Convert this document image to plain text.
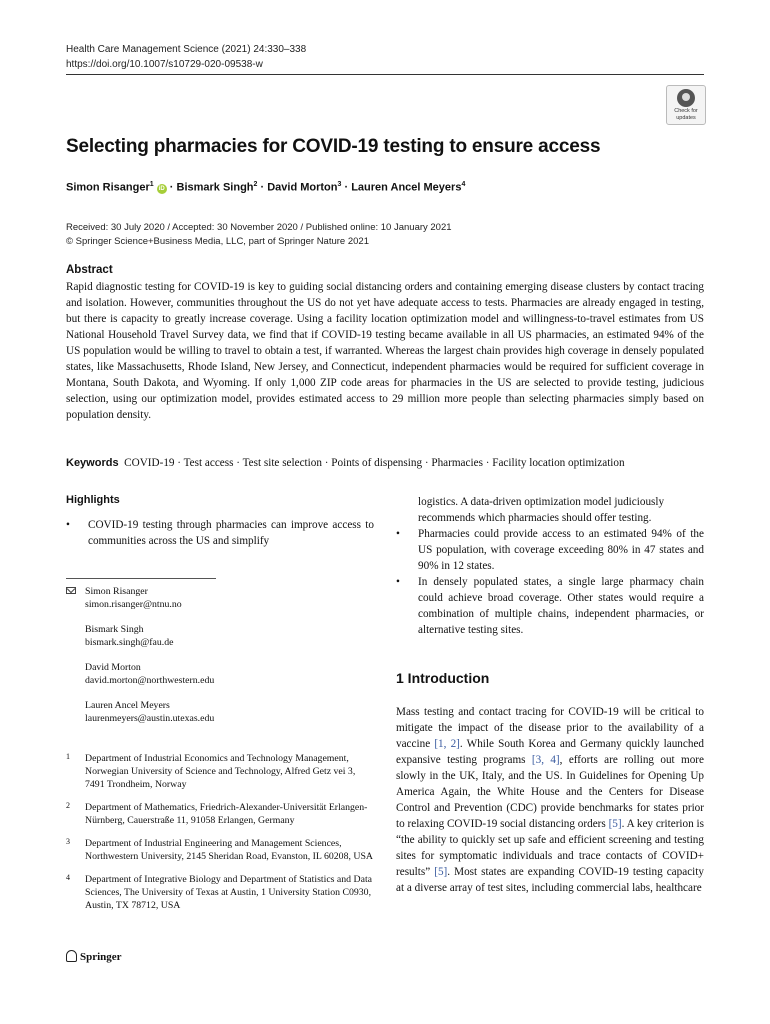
Health Care Management Science (2021) 24:330–338
https://doi.org/10.1007/s10729-020-09538-w
Check for
updates
Selecting pharmacies for COVID-19 testing to ensure access
Simon Risanger$^1$ iD · Bismark Singh$^2$ · David Morton$^3$ · Lauren Ancel Meyers$^4$
Received: 30 July 2020 / Accepted: 30 November 2020 / Published online: 10 January 2021
© Springer Science+Business Media, LLC, part of Springer Nature 2021
Abstract
Rapid diagnostic testing for COVID-19 is key to guiding social distancing orders and containing emerging disease clusters by contact tracing and isolation. However, communities throughout the US do not yet have adequate access to tests. Pharmacies are already engaged in testing, but there is capacity to greatly increase coverage. Using a facility location optimization model and willingness-to-travel estimates from US National Household Travel Survey data, we find that if COVID-19 testing became available in all US pharmacies, an estimated 94% of the US population would be willing to travel to obtain a test, if warranted. Whereas the largest chain provides high coverage in densely populated states, like Massachusetts, Rhode Island, New Jersey, and Connecticut, independent pharmacies would be required for sufficient coverage in Montana, South Dakota, and Wyoming. If only 1,000 ZIP code areas for pharmacies in the US are selected to provide testing, judicious selection, using our optimization model, provides estimated access to 29 million more people than selecting pharmacies simply based on population density.
Keywords COVID-19 · Test access · Test site selection · Points of dispensing · Pharmacies · Facility location optimization
Highlights
• COVID-19 testing through pharmacies can improve access to communities across the US and simplify
logistics. A data-driven optimization model judiciously recommends which pharmacies should offer testing.
• Pharmacies could provide access to an estimated 94% of the US population, with coverage exceeding 80% in 47 states and 90% in 12 states.
• In densely populated states, a single large pharmacy chain could achieve broad coverage. Other states would require a combination of multiple chains, independent pharmacies, or alternative testing sites.
Simon Risanger
simon.risanger@ntnu.no
Bismark Singh
bismark.singh@fau.de
David Morton
david.morton@northwestern.edu
Lauren Ancel Meyers
laurenmeyers@austin.utexas.edu
1 Department of Industrial Economics and Technology Management, Norwegian University of Science and Technology, Alfred Getz vei 3, 7491 Trondheim, Norway
2 Department of Mathematics, Friedrich-Alexander-Universität Erlangen-Nürnberg, Cauerstraße 11, 91058 Erlangen, Germany
3 Department of Industrial Engineering and Management Sciences, Northwestern University, 2145 Sheridan Road, Evanston, IL 60208, USA
4 Department of Integrative Biology and Department of Statistics and Data Sciences, The University of Texas at Austin, 1 University Station C0930, Austin, TX 78712, USA
1 Introduction
Mass testing and contact tracing for COVID-19 will be critical to mitigate the impact of the disease prior to the availability of a vaccine [1, 2]. While South Korea and Germany quickly launched expansive testing programs [3, 4], efforts are rolling out more slowly in the UK, Italy, and the US. In Guidelines for Opening Up America Again, the White House and the Centers for Disease Control and Prevention (CDC) provide benchmarks for states prior to relaxing COVID-19 social distancing orders [5]. A key criterion is “the ability to quickly set up safe and efficient screening and testing sites for symptomatic individuals and trace contacts of COVID+ results” [5]. Most states are expanding COVID-19 testing capacity at a diverse array of test sites, including commercial labs, healthcare
Springer
